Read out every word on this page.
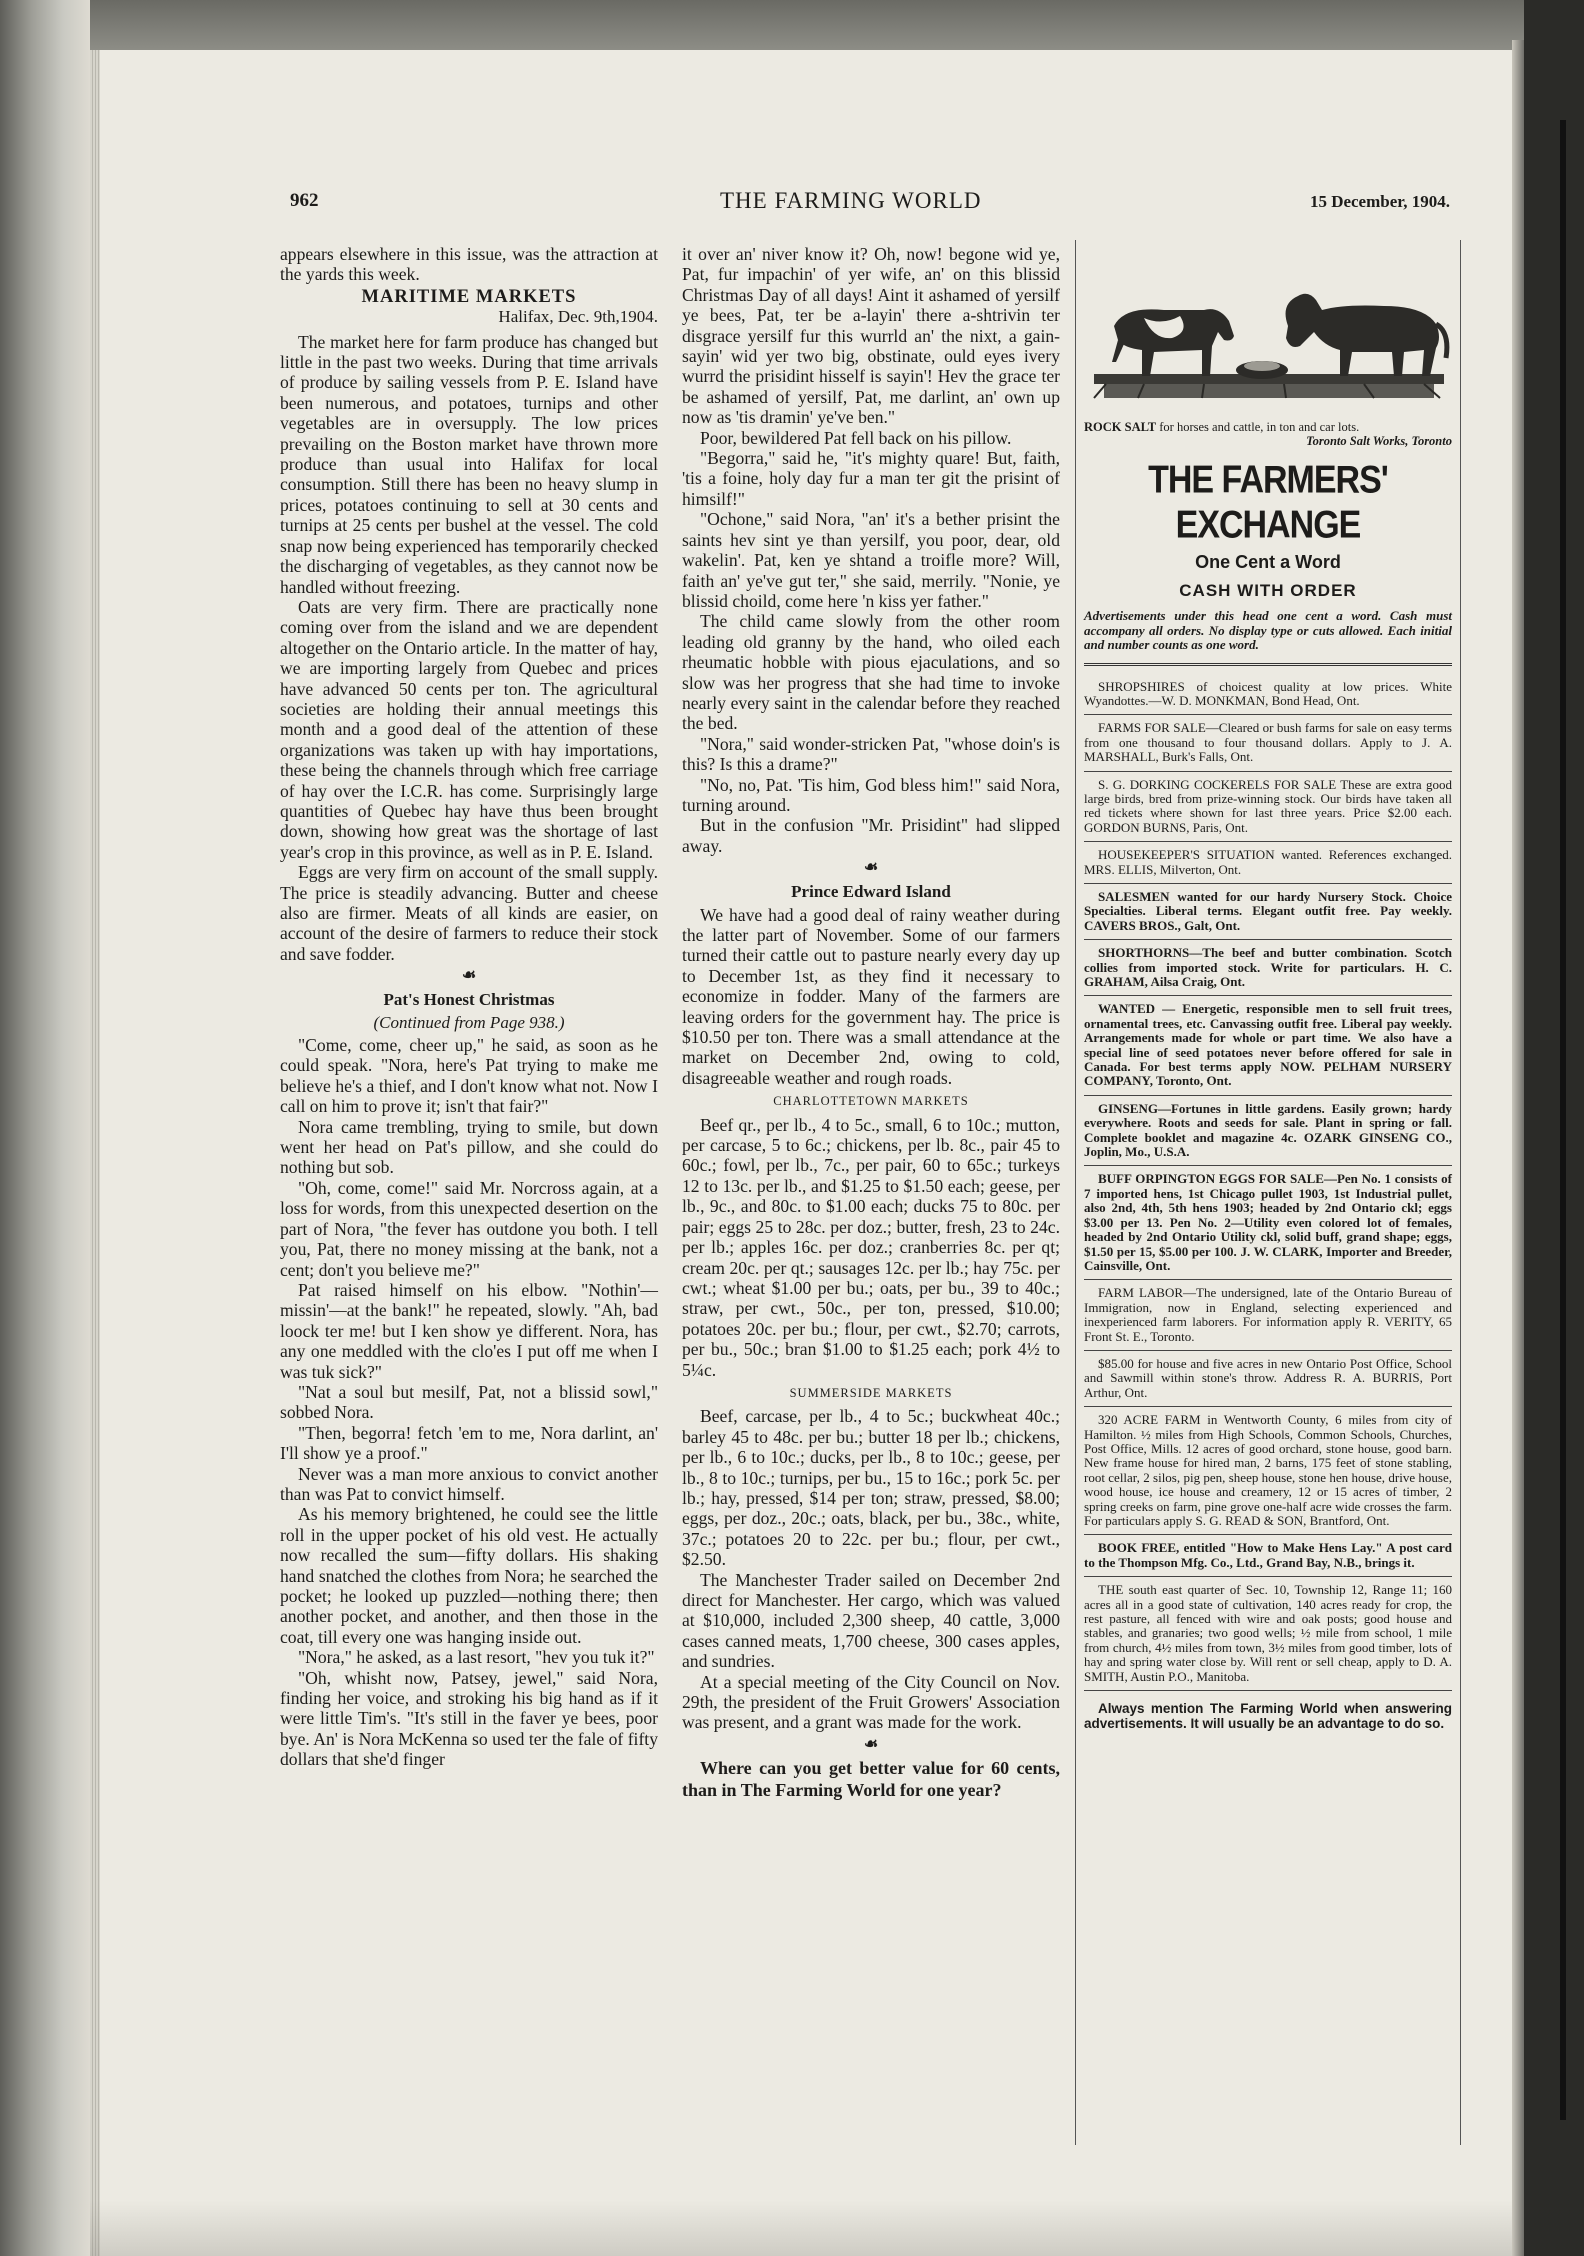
962	THE FARMING WORLD	15 December, 1904.

appears elsewhere in this issue, was the attraction at the yards this week.

MARITIME MARKETS
Halifax, Dec. 9th,1904.

The market here for farm produce has changed but little in the past two weeks. During that time arrivals of produce by sailing vessels from P. E. Island have been numerous, and potatoes, turnips and other vegetables are in oversupply. The low prices prevailing on the Boston market have thrown more produce than usual into Halifax for local consumption. Still there has been no heavy slump in prices, potatoes continuing to sell at 30 cents and turnips at 25 cents per bushel at the vessel. The cold snap now being experienced has temporarily checked the discharging of vegetables, as they cannot now be handled without freezing.

Oats are very firm. There are practically none coming over from the island and we are dependent altogether on the Ontario article. In the matter of hay, we are importing largely from Quebec and prices have advanced 50 cents per ton. The agricultural societies are holding their annual meetings this month and a good deal of the attention of these organizations was taken up with hay importations, these being the channels through which free carriage of hay over the I.C.R. has come. Surprisingly large quantities of Quebec hay have thus been brought down, showing how great was the shortage of last year's crop in this province, as well as in P. E. Island.

Eggs are very firm on account of the small supply. The price is steadily advancing. Butter and cheese also are firmer. Meats of all kinds are easier, on account of the desire of farmers to reduce their stock and save fodder.

☙
Pat's Honest Christmas
(Continued from Page 938.)

"Come, come, cheer up," he said, as soon as he could speak. "Nora, here's Pat trying to make me believe he's a thief, and I don't know what not. Now I call on him to prove it; isn't that fair?"

Nora came trembling, trying to smile, but down went her head on Pat's pillow, and she could do nothing but sob.

"Oh, come, come!" said Mr. Norcross again, at a loss for words, from this unexpected desertion on the part of Nora, "the fever has outdone you both. I tell you, Pat, there no money missing at the bank, not a cent; don't you believe me?"

Pat raised himself on his elbow. "Nothin'—missin'—at the bank!" he repeated, slowly. "Ah, bad loock ter me! but I ken show ye different. Nora, has any one meddled with the clo'es I put off me when I was tuk sick?"

"Nat a soul but mesilf, Pat, not a blissid sowl," sobbed Nora.

"Then, begorra! fetch 'em to me, Nora darlint, an' I'll show ye a proof."

Never was a man more anxious to convict another than was Pat to convict himself.

As his memory brightened, he could see the little roll in the upper pocket of his old vest. He actually now recalled the sum—fifty dollars. His shaking hand snatched the clothes from Nora; he searched the pocket; he looked up puzzled—nothing there; then another pocket, and another, and then those in the coat, till every one was hanging inside out.

"Nora," he asked, as a last resort, "hev you tuk it?"

"Oh, whisht now, Patsey, jewel," said Nora, finding her voice, and stroking his big hand as if it were little Tim's. "It's still in the faver ye bees, poor bye. An' is Nora McKenna so used ter the fale of fifty dollars that she'd finger

it over an' niver know it? Oh, now! begone wid ye, Pat, fur impachin' of yer wife, an' on this blissid Christmas Day of all days! Aint it ashamed of yersilf ye bees, Pat, ter be a-layin' there a-shtrivin ter disgrace yersilf fur this wurrld an' the nixt, a gain-sayin' wid yer two big, obstinate, ould eyes ivery wurrd the prisidint hisself is sayin'! Hev the grace ter be ashamed of yersilf, Pat, me darlint, an' own up now as 'tis dramin' ye've ben."

Poor, bewildered Pat fell back on his pillow.

"Begorra," said he, "it's mighty quare! But, faith, 'tis a foine, holy day fur a man ter git the prisint of himsilf!"

"Ochone," said Nora, "an' it's a bether prisint the saints hev sint ye than yersilf, you poor, dear, old wakelin'. Pat, ken ye shtand a troifle more? Will, faith an' ye've gut ter," she said, merrily. "Nonie, ye blissid choild, come here 'n kiss yer father."

The child came slowly from the other room leading old granny by the hand, who oiled each rheumatic hobble with pious ejaculations, and so slow was her progress that she had time to invoke nearly every saint in the calendar before they reached the bed.

"Nora," said wonder-stricken Pat, "whose doin's is this? Is this a drame?"

"No, no, Pat. 'Tis him, God bless him!" said Nora, turning around.

But in the confusion "Mr. Prisidint" had slipped away.

☙
Prince Edward Island

We have had a good deal of rainy weather during the latter part of November. Some of our farmers turned their cattle out to pasture nearly every day up to December 1st, as they find it necessary to economize in fodder. Many of the farmers are leaving orders for the government hay. The price is $10.50 per ton. There was a small attendance at the market on December 2nd, owing to cold, disagreeable weather and rough roads.

CHARLOTTETOWN MARKETS

Beef qr., per lb., 4 to 5c., small, 6 to 10c.; mutton, per carcase, 5 to 6c.; chickens, per lb. 8c., pair 45 to 60c.; fowl, per lb., 7c., per pair, 60 to 65c.; turkeys 12 to 13c. per lb., and $1.25 to $1.50 each; geese, per lb., 9c., and 80c. to $1.00 each; ducks 75 to 80c. per pair; eggs 25 to 28c. per doz.; butter, fresh, 23 to 24c. per lb.; apples 16c. per doz.; cranberries 8c. per qt; cream 20c. per qt.; sausages 12c. per lb.; hay 75c. per cwt.; wheat $1.00 per bu.; oats, per bu., 39 to 40c.; straw, per cwt., 50c., per ton, pressed, $10.00; potatoes 20c. per bu.; flour, per cwt., $2.70; carrots, per bu., 50c.; bran $1.00 to $1.25 each; pork 4½ to 5¼c.

SUMMERSIDE MARKETS

Beef, carcase, per lb., 4 to 5c.; buckwheat 40c.; barley 45 to 48c. per bu.; butter 18 per lb.; chickens, per lb., 6 to 10c.; ducks, per lb., 8 to 10c.; geese, per lb., 8 to 10c.; turnips, per bu., 15 to 16c.; pork 5c. per lb.; hay, pressed, $14 per ton; straw, pressed, $8.00; eggs, per doz., 20c.; oats, black, per bu., 38c., white, 37c.; potatoes 20 to 22c. per bu.; flour, per cwt., $2.50.

The Manchester Trader sailed on December 2nd direct for Manchester. Her cargo, which was valued at $10,000, included 2,300 sheep, 40 cattle, 3,000 cases canned meats, 1,700 cheese, 300 cases apples, and sundries.

At a special meeting of the City Council on Nov. 29th, the president of the Fruit Growers' Association was present, and a grant was made for the work.

☙

Where can you get better value for 60 cents, than in The Farming World for one year?

ROCK SALT for horses and cattle, in ton and car lots.
Toronto Salt Works, Toronto
THE FARMERS' EXCHANGE
One Cent a Word
CASH WITH ORDER
Advertisements under this head one cent a word. Cash must accompany all orders. No display type or cuts allowed. Each initial and number counts as one word.
SHROPSHIRES of choicest quality at low prices. White Wyandottes.—W. D. MONKMAN, Bond Head, Ont.
FARMS FOR SALE—Cleared or bush farms for sale on easy terms from one thousand to four thousand dollars. Apply to J. A. MARSHALL, Burk's Falls, Ont.
S. G. DORKING COCKERELS FOR SALE These are extra good large birds, bred from prize-winning stock. Our birds have taken all red tickets where shown for last three years. Price $2.00 each. GORDON BURNS, Paris, Ont.
HOUSEKEEPER'S SITUATION wanted. References exchanged. MRS. ELLIS, Milverton, Ont.
SALESMEN wanted for our hardy Nursery Stock. Choice Specialties. Liberal terms. Elegant outfit free. Pay weekly. CAVERS BROS., Galt, Ont.
SHORTHORNS—The beef and butter combination. Scotch collies from imported stock. Write for particulars. H. C. GRAHAM, Ailsa Craig, Ont.
WANTED — Energetic, responsible men to sell fruit trees, ornamental trees, etc. Canvassing outfit free. Liberal pay weekly. Arrangements made for whole or part time. We also have a special line of seed potatoes never before offered for sale in Canada. For best terms apply NOW. PELHAM NURSERY COMPANY, Toronto, Ont.
GINSENG—Fortunes in little gardens. Easily grown; hardy everywhere. Roots and seeds for sale. Plant in spring or fall. Complete booklet and magazine 4c. OZARK GINSENG CO., Joplin, Mo., U.S.A.
BUFF ORPINGTON EGGS FOR SALE—Pen No. 1 consists of 7 imported hens, 1st Chicago pullet 1903, 1st Industrial pullet, also 2nd, 4th, 5th hens 1903; headed by 2nd Ontario ckl; eggs $3.00 per 13. Pen No. 2—Utility even colored lot of females, headed by 2nd Ontario Utility ckl, solid buff, grand shape; eggs, $1.50 per 15, $5.00 per 100. J. W. CLARK, Importer and Breeder, Cainsville, Ont.
FARM LABOR—The undersigned, late of the Ontario Bureau of Immigration, now in England, selecting experienced and inexperienced farm laborers. For information apply R. VERITY, 65 Front St. E., Toronto.
$85.00 for house and five acres in new Ontario Post Office, School and Sawmill within stone's throw. Address R. A. BURRIS, Port Arthur, Ont.
320 ACRE FARM in Wentworth County, 6 miles from city of Hamilton. ½ miles from High Schools, Common Schools, Churches, Post Office, Mills. 12 acres of good orchard, stone house, good barn. New frame house for hired man, 2 barns, 175 feet of stone stabling, root cellar, 2 silos, pig pen, sheep house, stone hen house, drive house, wood house, ice house and creamery, 12 or 15 acres of timber, 2 spring creeks on farm, pine grove one-half acre wide crosses the farm. For particulars apply S. G. READ & SON, Brantford, Ont.
BOOK FREE, entitled "How to Make Hens Lay." A post card to the Thompson Mfg. Co., Ltd., Grand Bay, N.B., brings it.
THE south east quarter of Sec. 10, Township 12, Range 11; 160 acres all in a good state of cultivation, 140 acres ready for crop, the rest pasture, all fenced with wire and oak posts; good house and stables, and granaries; two good wells; ½ mile from school, 1 mile from church, 4½ miles from town, 3½ miles from good timber, lots of hay and spring water close by. Will rent or sell cheap, apply to D. A. SMITH, Austin P.O., Manitoba.
Always mention The Farming World when answering advertisements. It will usually be an advantage to do so.
